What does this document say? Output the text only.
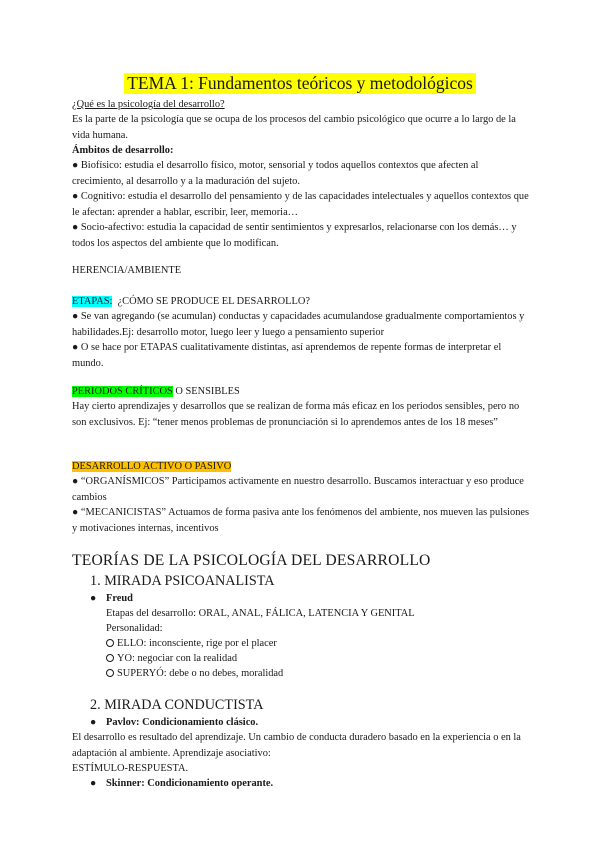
TEMA 1: Fundamentos teóricos y metodológicos

¿Qué es la psicología del desarrollo?

Es la parte de la psicología que se ocupa de los procesos del cambio psicológico que ocurre a lo largo de la vida humana.

Ámbitos de desarrollo:

● Biofísico: estudia el desarrollo físico, motor, sensorial y todos aquellos contextos que afecten al crecimiento, al desarrollo y a la maduración del sujeto.

● Cognitivo: estudia el desarrollo del pensamiento y de las capacidades intelectuales y aquellos contextos que le afectan: aprender a hablar, escribir, leer, memoria…

● Socio-afectivo: estudia la capacidad de sentir sentimientos y expresarlos, relacionarse con los demás… y todos los aspectos del ambiente que lo modifican.

HERENCIA/AMBIENTE

ETAPAS: ¿CÓMO SE PRODUCE EL DESARROLLO?

● Se van agregando (se acumulan) conductas y capacidades acumulandose gradualmente comportamientos y habilidades.Ej: desarrollo motor, luego leer y luego a pensamiento superior

● O se hace por ETAPAS cualitativamente distintas, así aprendemos de repente formas de interpretar el mundo.

PERIODOS CRÍTICOS O SENSIBLES

Hay cierto aprendizajes y desarrollos que se realizan de forma más eficaz en los periodos sensibles, pero no son exclusivos. Ej: “tener menos problemas de pronunciación si lo aprendemos antes de los 18 meses”

DESARROLLO ACTIVO O PASIVO

● “ORGANÍSMICOS” Participamos activamente en nuestro desarrollo. Buscamos interactuar y eso produce cambios

● “MECANICISTAS” Actuamos de forma pasiva ante los fenómenos del ambiente, nos mueven las pulsiones y motivaciones internas, incentivos

TEORÍAS DE LA PSICOLOGÍA DEL DESARROLLO
1. MIRADA PSICOANALISTA
● Freud
Etapas del desarrollo: ORAL, ANAL, FÁLICA, LATENCIA Y GENITAL
Personalidad:
ELLO: inconsciente, rige por el placer
YO: negociar con la realidad
SUPERYÓ: debe o no debes, moralidad
2. MIRADA CONDUCTISTA
● Pavlov: Condicionamiento clásico.

El desarrollo es resultado del aprendizaje. Un cambio de conducta duradero basado en la experiencia o en la adaptación al ambiente. Aprendizaje asociativo:

ESTÍMULO-RESPUESTA.

● Skinner: Condicionamiento operante.
